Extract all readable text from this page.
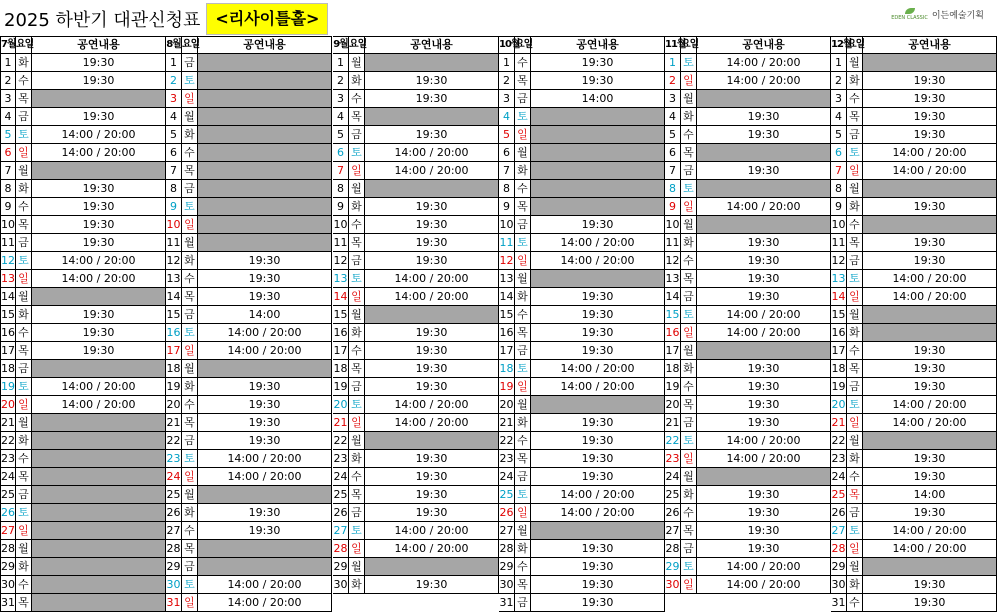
2025 하반기 대관신청표 <리사이틀홀>	EDEN CLASSIC 이든예술기획
7월 요일	공연내용
1 화	19:30
2 수	19:30
3 목
4 금	19:30
5 토	14:00 / 20:00
6 일	14:00 / 20:00
7 월
8 화	19:30
9 수	19:30
10 목	19:30
11 금	19:30
12 토	14:00 / 20:00
13 일	14:00 / 20:00
14 월
15 화	19:30
16 수	19:30
17 목	19:30
18 금
19 토	14:00 / 20:00
20 일	14:00 / 20:00
21 월
22 화
23 수
24 목
25 금
26 토
27 일
28 월
29 화
30 수
31 목
8월 요일	공연내용
1 금
2 토
3 일
4 월
5 화
6 수
7 목
8 금
9 토
10 일
11 월
12 화	19:30
13 수	19:30
14 목	19:30
15 금	14:00
16 토	14:00 / 20:00
17 일	14:00 / 20:00
18 월
19 화	19:30
20 수	19:30
21 목	19:30
22 금	19:30
23 토	14:00 / 20:00
24 일	14:00 / 20:00
25 월
26 화	19:30
27 수	19:30
28 목
29 금
30 토	14:00 / 20:00
31 일	14:00 / 20:00
9월 요일	공연내용
1 월
2 화	19:30
3 수	19:30
4 목
5 금	19:30
6 토	14:00 / 20:00
7 일	14:00 / 20:00
8 월
9 화	19:30
10 수	19:30
11 목	19:30
12 금	19:30
13 토	14:00 / 20:00
14 일	14:00 / 20:00
15 월
16 화	19:30
17 수	19:30
18 목	19:30
19 금	19:30
20 토	14:00 / 20:00
21 일	14:00 / 20:00
22 월
23 화	19:30
24 수	19:30
25 목	19:30
26 금	19:30
27 토	14:00 / 20:00
28 일	14:00 / 20:00
29 월
30 화	19:30
10월
요일	공연내용
1 수	19:30
2 목	19:30
3 금	14:00
4 토
5 일
6 월
7 화
8 수
9 목
10 금	19:30
11 토	14:00 / 20:00
12 일	14:00 / 20:00
13 월
14 화	19:30
15 수	19:30
16 목	19:30
17 금	19:30
18 토	14:00 / 20:00
19 일	14:00 / 20:00
20 월
21 화	19:30
22 수	19:30
23 목	19:30
24 금	19:30
25 토	14:00 / 20:00
26 일	14:00 / 20:00
27 월
28 화	19:30
29 수	19:30
30 목	19:30
31 금	19:30
11월
요일	공연내용
1 토	14:00 / 20:00
2 일	14:00 / 20:00
3 월
4 화	19:30
5 수	19:30
6 목
7 금	19:30
8 토
9 일	14:00 / 20:00
10 월
11 화	19:30
12 수	19:30
13 목	19:30
14 금	19:30
15 토	14:00 / 20:00
16 일	14:00 / 20:00
17 월
18 화	19:30
19 수	19:30
20 목	19:30
21 금	19:30
22 토	14:00 / 20:00
23 일	14:00 / 20:00
24 월
25 화	19:30
26 수	19:30
27 목	19:30
28 금	19:30
29 토	14:00 / 20:00
30 일	14:00 / 20:00
12월
요일	공연내용
1 월
2 화	19:30
3 수	19:30
4 목	19:30
5 금	19:30
6 토	14:00 / 20:00
7 일	14:00 / 20:00
8 월
9 화	19:30
10 수
11 목	19:30
12 금	19:30
13 토	14:00 / 20:00
14 일	14:00 / 20:00
15 월
16 화
17 수	19:30
18 목	19:30
19 금	19:30
20 토	14:00 / 20:00
21 일	14:00 / 20:00
22 월
23 화	19:30
24 수	19:30
25 목	14:00
26 금	19:30
27 토	14:00 / 20:00
28 일	14:00 / 20:00
29 월
30 화	19:30
31 수	19:30
